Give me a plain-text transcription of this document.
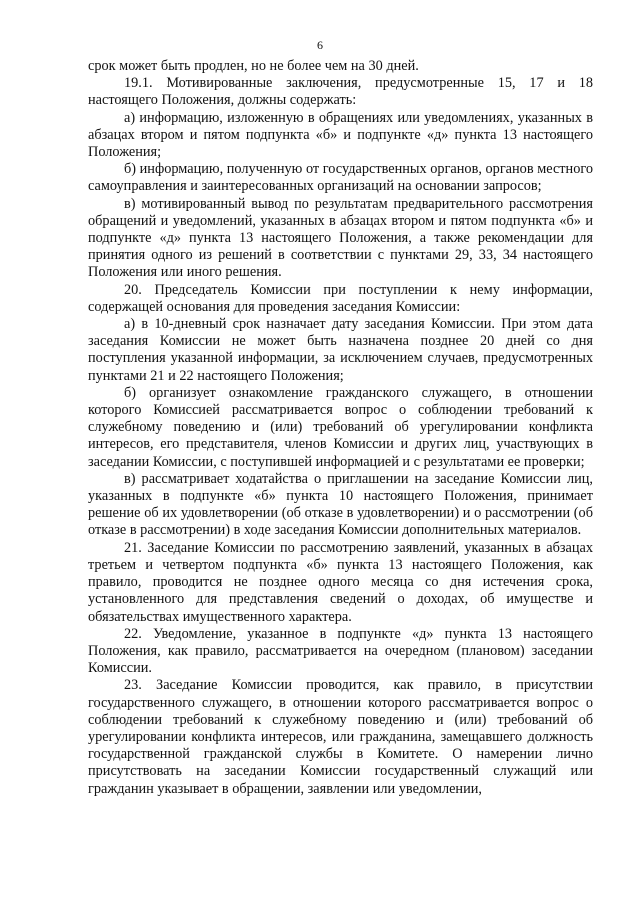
6

срок может быть продлен, но не более чем на 30 дней.

19.1. Мотивированные заключения, предусмотренные 15, 17 и 18 настоящего Положения, должны содержать:

а) информацию, изложенную в обращениях или уведомлениях, указанных в абзацах втором и пятом подпункта «б» и подпункте «д» пункта 13 настоящего Положения;

б) информацию, полученную от государственных органов, органов местного самоуправления и заинтересованных организаций на основании запросов;

в) мотивированный вывод по результатам предварительного рассмотрения обращений и уведомлений, указанных в абзацах втором и пятом подпункта «б» и подпункте «д» пункта 13 настоящего Положения, а также рекомендации для принятия одного из решений в соответствии с пунктами 29, 33, 34 настоящего Положения или иного решения.

20. Председатель Комиссии при поступлении к нему информации, содержащей основания для проведения заседания Комиссии:

а) в 10-дневный срок назначает дату заседания Комиссии. При этом дата заседания Комиссии не может быть назначена позднее 20 дней со дня поступления указанной информации, за исключением случаев, предусмотренных пунктами 21 и 22 настоящего Положения;

б) организует ознакомление гражданского служащего, в отношении которого Комиссией рассматривается вопрос о соблюдении требований к служебному поведению и (или) требований об урегулировании конфликта интересов, его представителя, членов Комиссии и других лиц, участвующих в заседании Комиссии, с поступившей информацией и с результатами ее проверки;

в) рассматривает ходатайства о приглашении на заседание Комиссии лиц, указанных в подпункте «б» пункта 10 настоящего Положения, принимает решение об их удовлетворении (об отказе в удовлетворении) и о рассмотрении (об отказе в рассмотрении) в ходе заседания Комиссии дополнительных материалов.

21. Заседание Комиссии по рассмотрению заявлений, указанных в абзацах третьем и четвертом подпункта «б» пункта 13 настоящего Положения, как правило, проводится не позднее одного месяца со дня истечения срока, установленного для представления сведений о доходах, об имуществе и обязательствах имущественного характера.

22. Уведомление, указанное в подпункте «д» пункта 13 настоящего Положения, как правило, рассматривается на очередном (плановом) заседании Комиссии.

23. Заседание Комиссии проводится, как правило, в присутствии государственного служащего, в отношении которого рассматривается вопрос о соблюдении требований к служебному поведению и (или) требований об урегулировании конфликта интересов, или гражданина, замещавшего должность государственной гражданской службы в Комитете. О намерении лично присутствовать на заседании Комиссии государственный служащий или гражданин указывает в обращении, заявлении или уведомлении,
